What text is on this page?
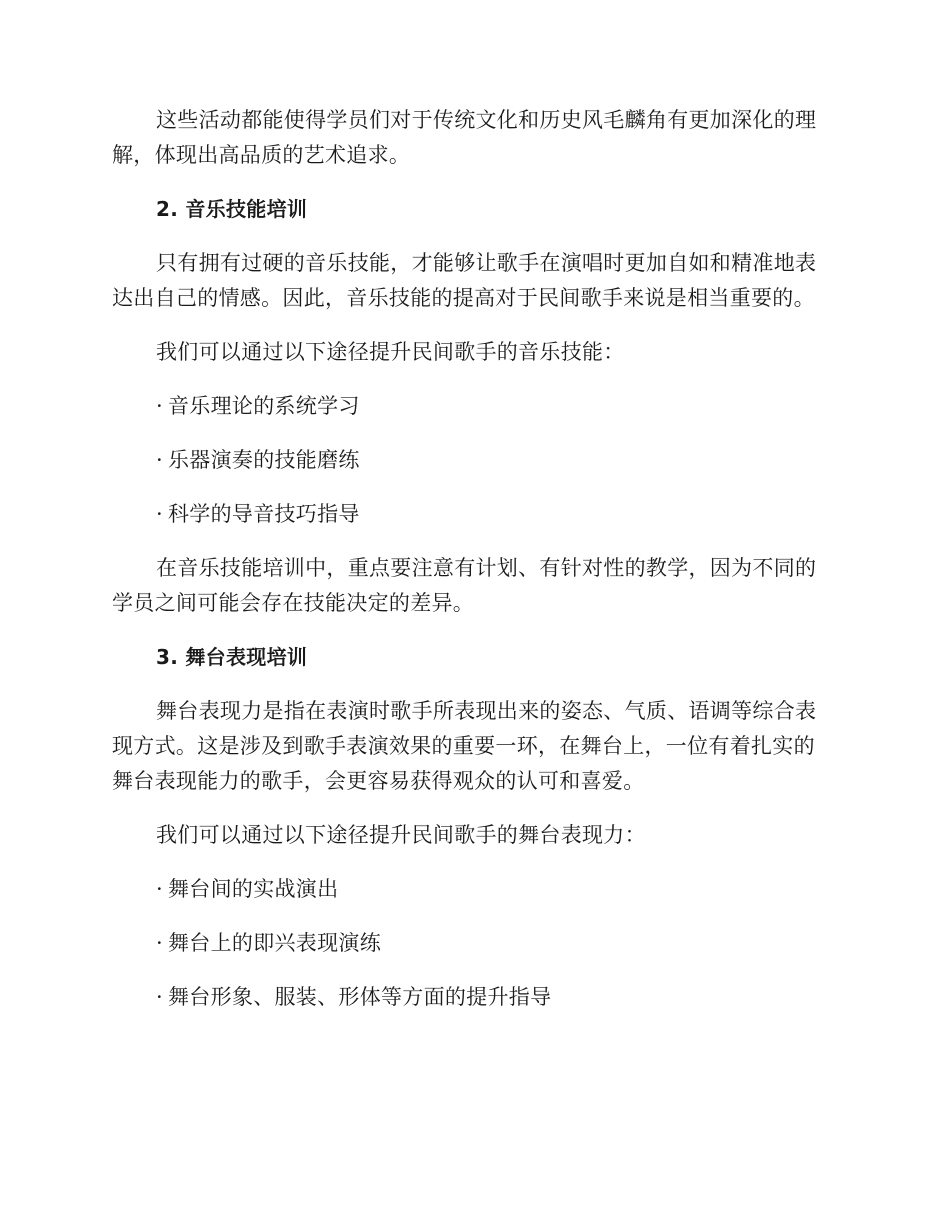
这些活动都能使得学员们对于传统文化和历史风毛麟角有更加深化的理解，体现出高品质的艺术追求。

2. 音乐技能培训

只有拥有过硬的音乐技能，才能够让歌手在演唱时更加自如和精准地表达出自己的情感。因此，音乐技能的提高对于民间歌手来说是相当重要的。

我们可以通过以下途径提升民间歌手的音乐技能：

· 音乐理论的系统学习

· 乐器演奏的技能磨练

· 科学的导音技巧指导

在音乐技能培训中，重点要注意有计划、有针对性的教学，因为不同的学员之间可能会存在技能决定的差异。

3. 舞台表现培训

舞台表现力是指在表演时歌手所表现出来的姿态、气质、语调等综合表现方式。这是涉及到歌手表演效果的重要一环，在舞台上，一位有着扎实的舞台表现能力的歌手，会更容易获得观众的认可和喜爱。

我们可以通过以下途径提升民间歌手的舞台表现力：

· 舞台间的实战演出

· 舞台上的即兴表现演练

· 舞台形象、服装、形体等方面的提升指导
